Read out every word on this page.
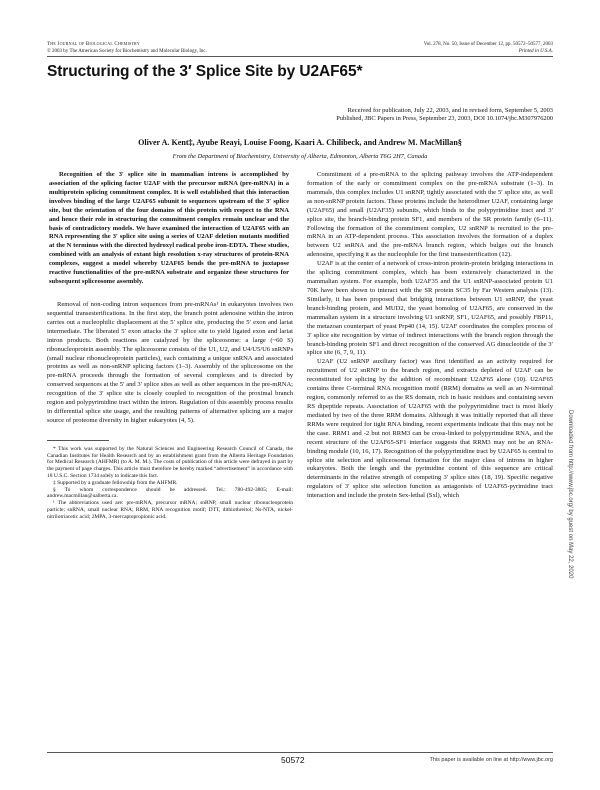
The Journal of Biological Chemistry
© 2003 by The American Society for Biochemistry and Molecular Biology, Inc.
Vol. 278, No. 50, Issue of December 12, pp. 50572–50577, 2003
Printed in U.S.A.
Structuring of the 3′ Splice Site by U2AF65*
Received for publication, July 22, 2003, and in revised form, September 5, 2003
Published, JBC Papers in Press, September 23, 2003, DOI 10.1074/jbc.M307976200
Oliver A. Kent‡, Ayube Reayi, Louise Foong, Kaari A. Chilibeck, and Andrew M. MacMillan§
From the Department of Biochemistry, University of Alberta, Edmonton, Alberta T6G 2H7, Canada

Recognition of the 3′ splice site in mammalian introns is accomplished by association of the splicing factor U2AF with the precursor mRNA (pre-mRNA) in a multiprotein splicing commitment complex. It is well established that this interaction involves binding of the large U2AF65 subunit to sequences upstream of the 3′ splice site, but the orientation of the four domains of this protein with respect to the RNA and hence their role in structuring the commitment complex remain unclear and the basis of contradictory models. We have examined the interaction of U2AF65 with an RNA representing the 3′ splice site using a series of U2AF deletion mutants modified at the N terminus with the directed hydroxyl radical probe iron-EDTA. These studies, combined with an analysis of extant high resolution x-ray structures of protein-RNA complexes, suggest a model whereby U2AF65 bends the pre-mRNA to juxtapose reactive functionalities of the pre-mRNA substrate and organize these structures for subsequent spliceosome assembly.

Removal of non-coding intron sequences from pre-mRNAs¹ in eukaryotes involves two sequential transesterifications. In the first step, the branch point adenosine within the intron carries out a nucleophilic displacement at the 5′ splice site, producing the 5′ exon and lariat intermediate. The liberated 5′ exon attacks the 3′ splice site to yield ligated exon and lariat intron products. Both reactions are catalyzed by the spliceosome: a large (~60 S) ribonucleoprotein assembly. The spliceosome consists of the U1, U2, and U4/U5/U6 snRNPs (small nuclear ribonucleoprotein particles), each containing a unique snRNA and associated proteins as well as non-snRNP splicing factors (1–3). Assembly of the spliceosome on the pre-mRNA proceeds through the formation of several complexes and is directed by conserved sequences at the 5′ and 3′ splice sites as well as other sequences in the pre-mRNA; recognition of the 3′ splice site is closely coupled to recognition of the proximal branch region and polypyrimidine tract within the intron. Regulation of this assembly process results in differential splice site usage, and the resulting patterns of alternative splicing are a major source of proteome diversity in higher eukaryotes (4, 5).

* This work was supported by the Natural Sciences and Engineering Research Council of Canada, the Canadian Institutes for Health Research and by an establishment grant from the Alberta Heritage Foundation for Medical Research (AHFMR) (to A. M. M.). The costs of publication of this article were defrayed in part by the payment of page charges. This article must therefore be hereby marked “advertisement” in accordance with 18 U.S.C. Section 1734 solely to indicate this fact.

‡ Supported by a graduate fellowship from the AHFMR.

§ To whom correspondence should be addressed. Tel.: 780-492-3805; E-mail: andrew.macmillan@ualberta.ca.

¹ The abbreviations used are: pre-mRNA, precursor mRNA; snRNP, small nuclear ribonucleoprotein particle; snRNA, small nuclear RNA; RRM, RNA recognition motif; DTT, dithiothreitol; Ns-NTA, nickel-nitrilotriacetic acid; 2MPA, 3-mercaptopropionic acid.

Commitment of a pre-mRNA to the splicing pathway involves the ATP-independent formation of the early or commitment complex on the pre-mRNA substrate (1–3). In mammals, this complex includes U1 snRNP, tightly associated with the 5′ splice site, as well as non-snRNP protein factors. These proteins include the heterodimer U2AF, containing large (U2AF65) and small (U2AF35) subunits, which binds to the polypyrimidine tract and 3′ splice site, the branch-binding protein SF1, and members of the SR protein family (6–11). Following the formation of the commitment complex, U2 snRNP is recruited to the pre-mRNA in an ATP-dependent process. This association involves the formation of a duplex between U2 snRNA and the pre-mRNA branch region, which bulges out the branch adenosine, specifying it as the nucleophile for the first transesterification (12).

U2AF is at the center of a network of cross-intron protein-protein bridging interactions in the splicing commitment complex, which has been extensively characterized in the mammalian system. For example, both U2AF35 and the U1 snRNP-associated protein U1 70K have been shown to interact with the SR protein SC35 by Far Western analysis (13). Similarly, it has been proposed that bridging interactions between U1 snRNP, the yeast branch-binding protein, and MUD2, the yeast homolog of U2AF65, are conserved in the mammalian system in a structure involving U1 snRNP, SF1, U2AF65, and possibly FBP11, the metazoan counterpart of yeast Prp40 (14, 15). U2AF coordinates the complex process of 3′ splice site recognition by virtue of indirect interactions with the branch region through the branch-binding protein SF1 and direct recognition of the conserved AG dinucleotide of the 3′ splice site (6, 7, 9, 11).

U2AF (U2 snRNP auxiliary factor) was first identified as an activity required for recruitment of U2 snRNP to the branch region, and extracts depleted of U2AF can be reconstituted for splicing by the addition of recombinant U2AF65 alone (10). U2AF65 contains three C-terminal RNA recognition motif (RRM) domains as well as an N-terminal region, commonly referred to as the RS domain, rich in basic residues and containing seven RS dipeptide repeats. Association of U2AF65 with the polypyrimidine tract is most likely mediated by two of the three RRM domains. Although it was initially reported that all three RRMs were required for tight RNA binding, recent experiments indicate that this may not be the case. RRM1 and -2 but not RRM3 can be cross-linked to polypyrimidine RNA, and the recent structure of the U2AF65-SF1 interface suggests that RRM3 may not be an RNA-binding module (10, 16, 17). Recognition of the polypyrimidine tract by U2AF65 is central to splice site selection and spliceosomal formation for the major class of introns in higher eukaryotes. Both the length and the pyrimidine content of this sequence are critical determinants in the relative strength of competing 3′ splice sites (18, 19). Specific negative regulators of 3′ splice site selection function as antagonists of U2AF65-pyrimidine tract interaction and include the protein Sex-lethal (Sxl), which	Downloaded from http://www.jbc.org/ by guest on May 22, 2020
50572	This paper is available on line at http://www.jbc.org
